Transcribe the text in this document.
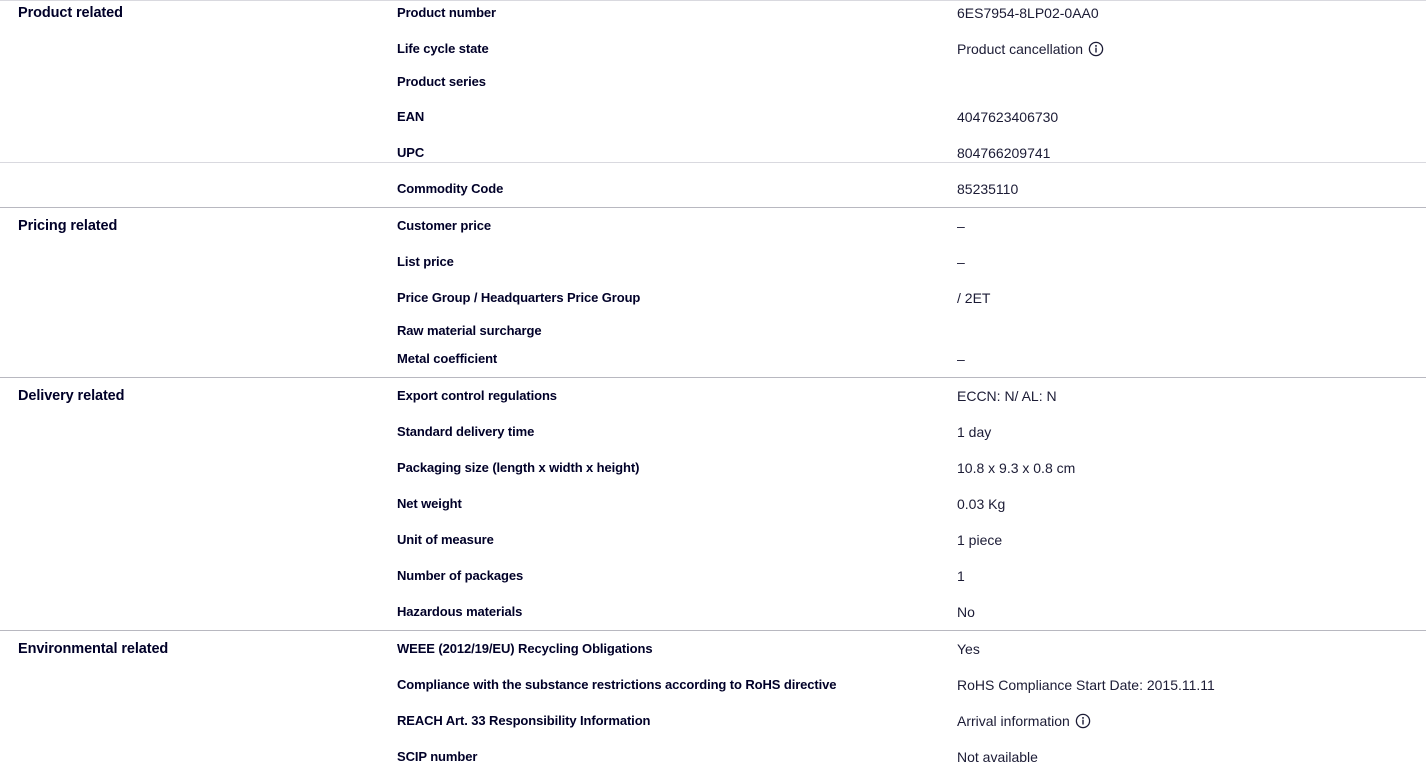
Product related	Product number	6ES7954-8LP02-0AA0
Life cycle state	Product cancellation
Product series
EAN	4047623406730
UPC	804766209741
Commodity Code	85235110
Pricing related	Customer price	–
List price	–
Price Group / Headquarters Price Group	/ 2ET
Raw material surcharge
Metal coefficient	–
Delivery related	Export control regulations	ECCN: N/ AL: N
Standard delivery time	1 day
Packaging size (length x width x height)	10.8 x 9.3 x 0.8 cm
Net weight	0.03 Kg
Unit of measure	1 piece
Number of packages	1
Hazardous materials	No
Environmental related	WEEE (2012/19/EU) Recycling Obligations	Yes
Compliance with the substance restrictions according to RoHS directive	RoHS Compliance Start Date: 2015.11.11
REACH Art. 33 Responsibility Information	Arrival information
SCIP number	Not available
